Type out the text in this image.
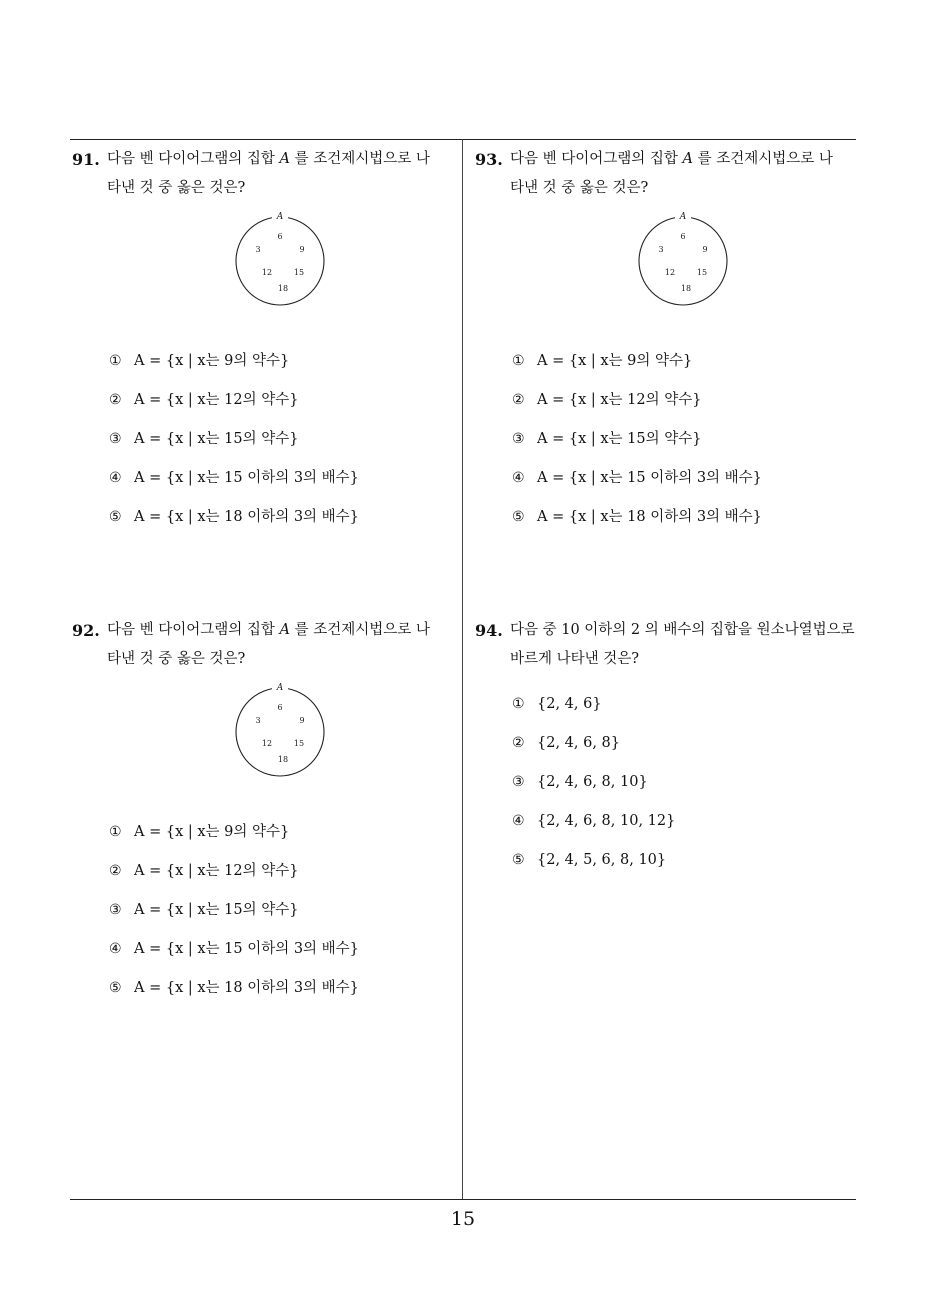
91. 다음 벤 다이어그램의 집합 A 를 조건제시법으로 나
타낸 것 중 옳은 것은?
A
6
3	9
12	15
18
① A = {x | x는 9의 약수}
② A = {x | x는 12의 약수}
③ A = {x | x는 15의 약수}
④ A = {x | x는 15 이하의 3의 배수}
⑤ A = {x | x는 18 이하의 3의 배수}
92. 다음 벤 다이어그램의 집합 A 를 조건제시법으로 나
타낸 것 중 옳은 것은?
A
6
3	9
12	15
18
① A = {x | x는 9의 약수}
② A = {x | x는 12의 약수}
③ A = {x | x는 15의 약수}
④ A = {x | x는 15 이하의 3의 배수}
⑤ A = {x | x는 18 이하의 3의 배수}
93. 다음 벤 다이어그램의 집합 A 를 조건제시법으로 나
타낸 것 중 옳은 것은?
A
6
3	9
12	15
18
① A = {x | x는 9의 약수}
② A = {x | x는 12의 약수}
③ A = {x | x는 15의 약수}
④ A = {x | x는 15 이하의 3의 배수}
⑤ A = {x | x는 18 이하의 3의 배수}
94. 다음 중 10 이하의 2 의 배수의 집합을 원소나열법으로
바르게 나타낸 것은?
① {2, 4, 6}
② {2, 4, 6, 8}
③ {2, 4, 6, 8, 10}
④ {2, 4, 6, 8, 10, 12}
⑤ {2, 4, 5, 6, 8, 10}
15
